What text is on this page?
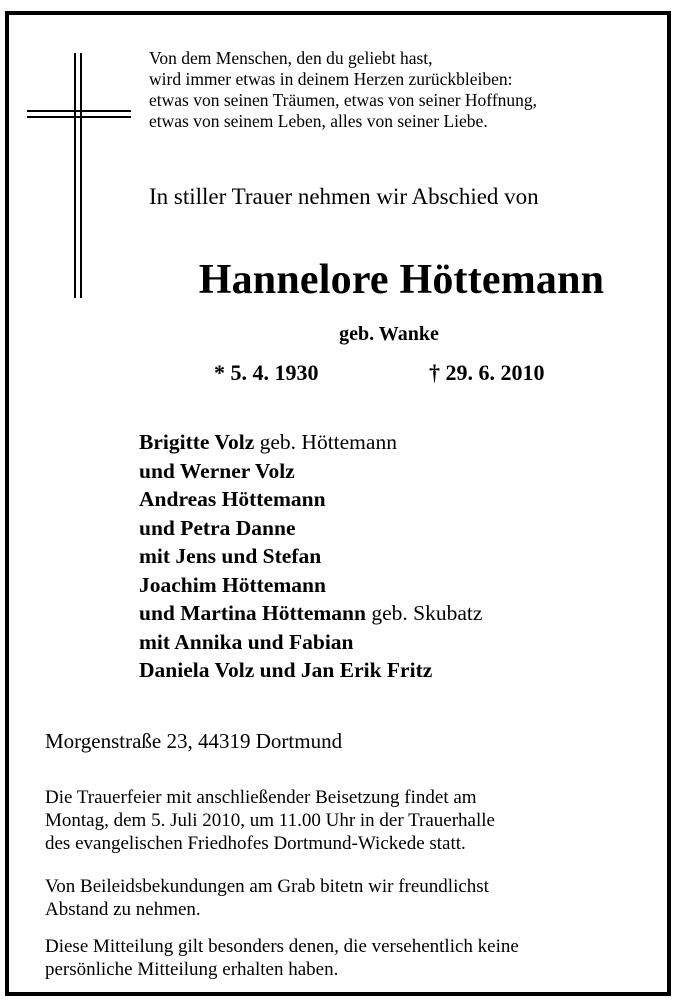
Von dem Menschen, den du geliebt hast,
wird immer etwas in deinem Herzen zurückbleiben:
etwas von seinen Träumen, etwas von seiner Hoffnung,
etwas von seinem Leben, alles von seiner Liebe.
In stiller Trauer nehmen wir Abschied von
Hannelore Höttemann
geb. Wanke
* 5. 4. 1930	† 29. 6. 2010
Brigitte Volz geb. Höttemann
und Werner Volz
Andreas Höttemann
und Petra Danne
mit Jens und Stefan
Joachim Höttemann
und Martina Höttemann geb. Skubatz
mit Annika und Fabian
Daniela Volz und Jan Erik Fritz
Morgenstraße 23, 44319 Dortmund
Die Trauerfeier mit anschließender Beisetzung findet am
Montag, dem 5. Juli 2010, um 11.00 Uhr in der Trauerhalle
des evangelischen Friedhofes Dortmund-Wickede statt.
Von Beileidsbekundungen am Grab bitetn wir freundlichst
Abstand zu nehmen.
Diese Mitteilung gilt besonders denen, die versehentlich keine
persönliche Mitteilung erhalten haben.
